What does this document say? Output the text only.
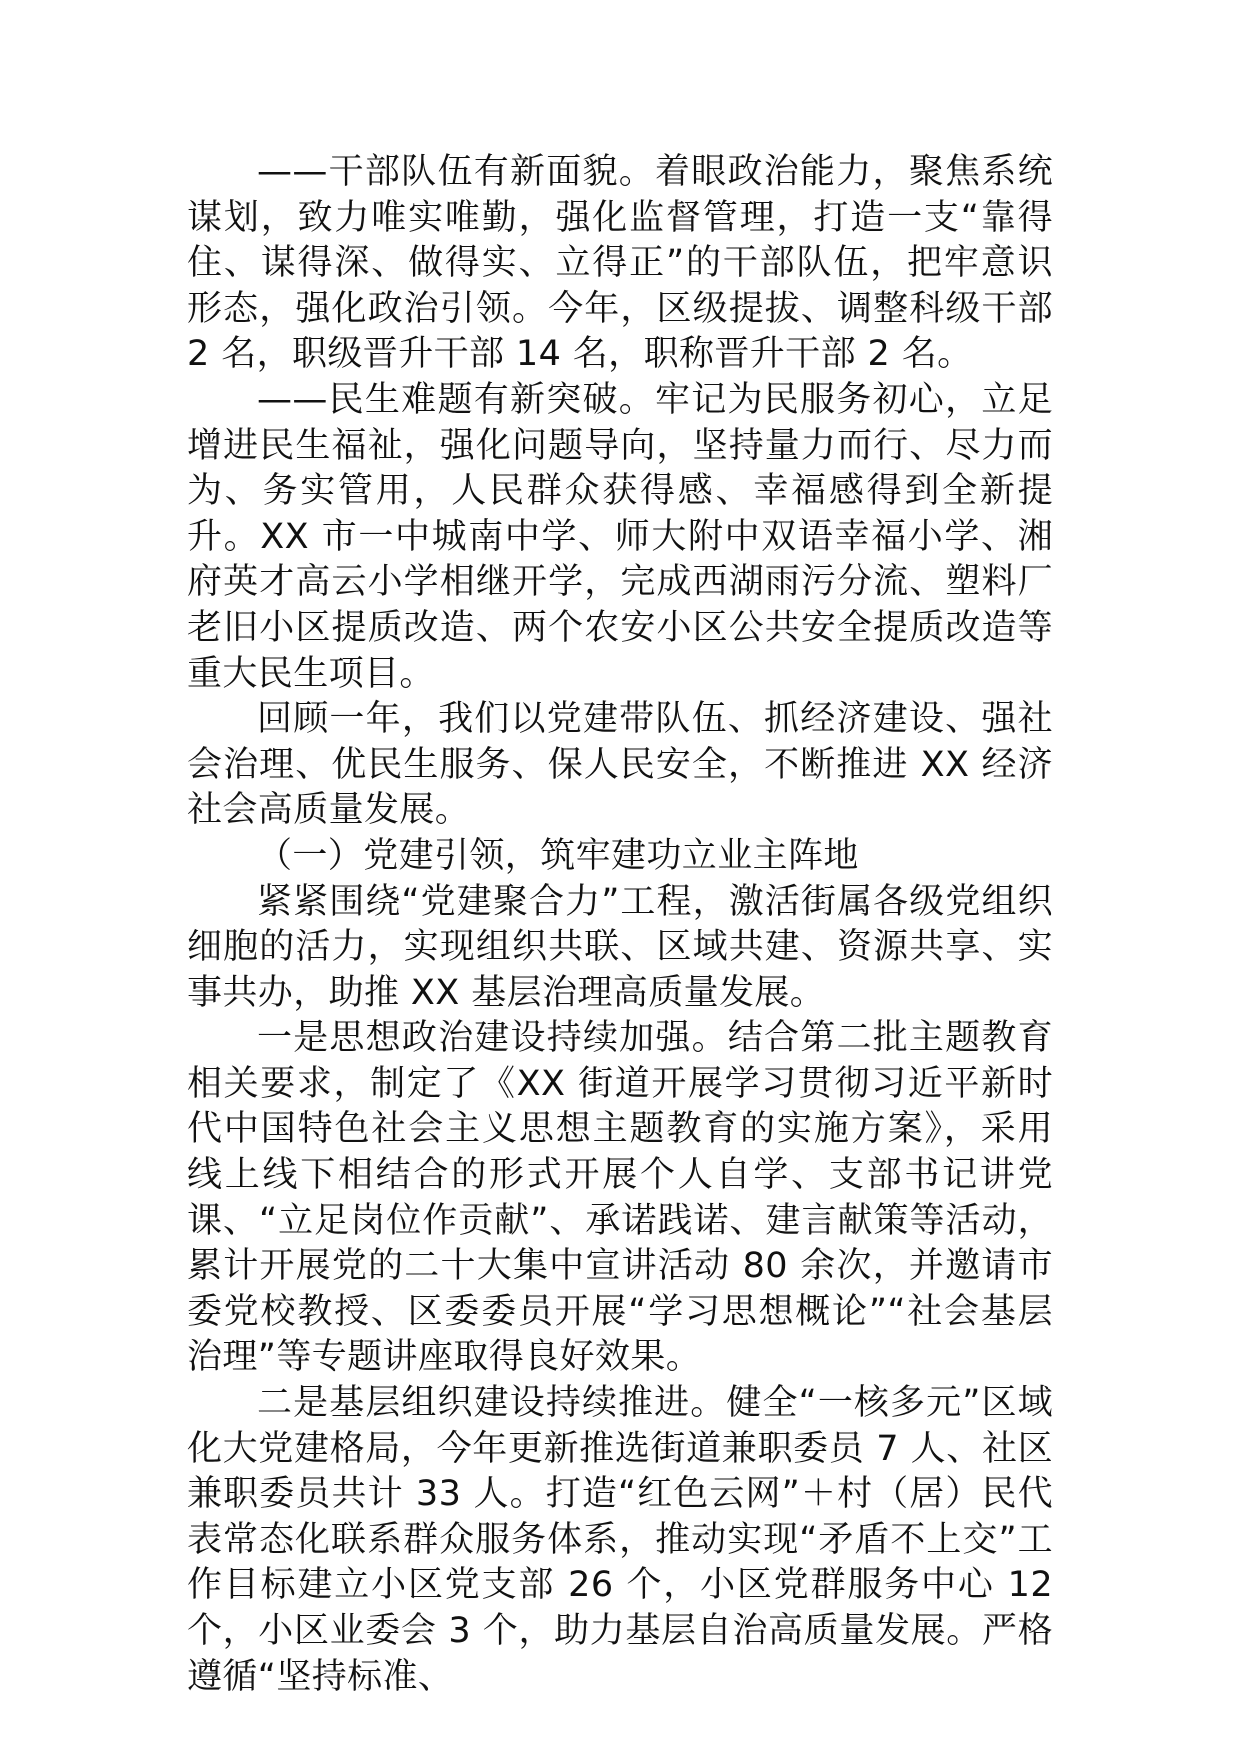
——干部队伍有新面貌。着眼政治能力，聚焦系统谋划，致力唯实唯勤，强化监督管理，打造一支“靠得住、谋得深、做得实、立得正”的干部队伍，把牢意识形态，强化政治引领。今年，区级提拔、调整科级干部 2 名，职级晋升干部 14 名，职称晋升干部 2 名。

——民生难题有新突破。牢记为民服务初心，立足增进民生福祉，强化问题导向，坚持量力而行、尽力而为、务实管用，人民群众获得感、幸福感得到全新提升。XX 市一中城南中学、师大附中双语幸福小学、湘府英才高云小学相继开学，完成西湖雨污分流、塑料厂老旧小区提质改造、两个农安小区公共安全提质改造等重大民生项目。

回顾一年，我们以党建带队伍、抓经济建设、强社会治理、优民生服务、保人民安全，不断推进 XX 经济社会高质量发展。

（一）党建引领，筑牢建功立业主阵地

紧紧围绕“党建聚合力”工程，激活街属各级党组织细胞的活力，实现组织共联、区域共建、资源共享、实事共办，助推 XX 基层治理高质量发展。

一是思想政治建设持续加强。结合第二批主题教育相关要求，制定了《XX 街道开展学习贯彻习近平新时代中国特色社会主义思想主题教育的实施方案》，采用线上线下相结合的形式开展个人自学、支部书记讲党课、“立足岗位作贡献”、承诺践诺、建言献策等活动，累计开展党的二十大集中宣讲活动 80 余次，并邀请市委党校教授、区委委员开展“学习思想概论”“社会基层治理”等专题讲座取得良好效果。

二是基层组织建设持续推进。健全“一核多元”区域化大党建格局，今年更新推选街道兼职委员 7 人、社区兼职委员共计 33 人。打造“红色云网”＋村（居）民代表常态化联系群众服务体系，推动实现“矛盾不上交”工作目标建立小区党支部 26 个，小区党群服务中心 12 个，小区业委会 3 个，助力基层自治高质量发展。严格遵循“坚持标准、
